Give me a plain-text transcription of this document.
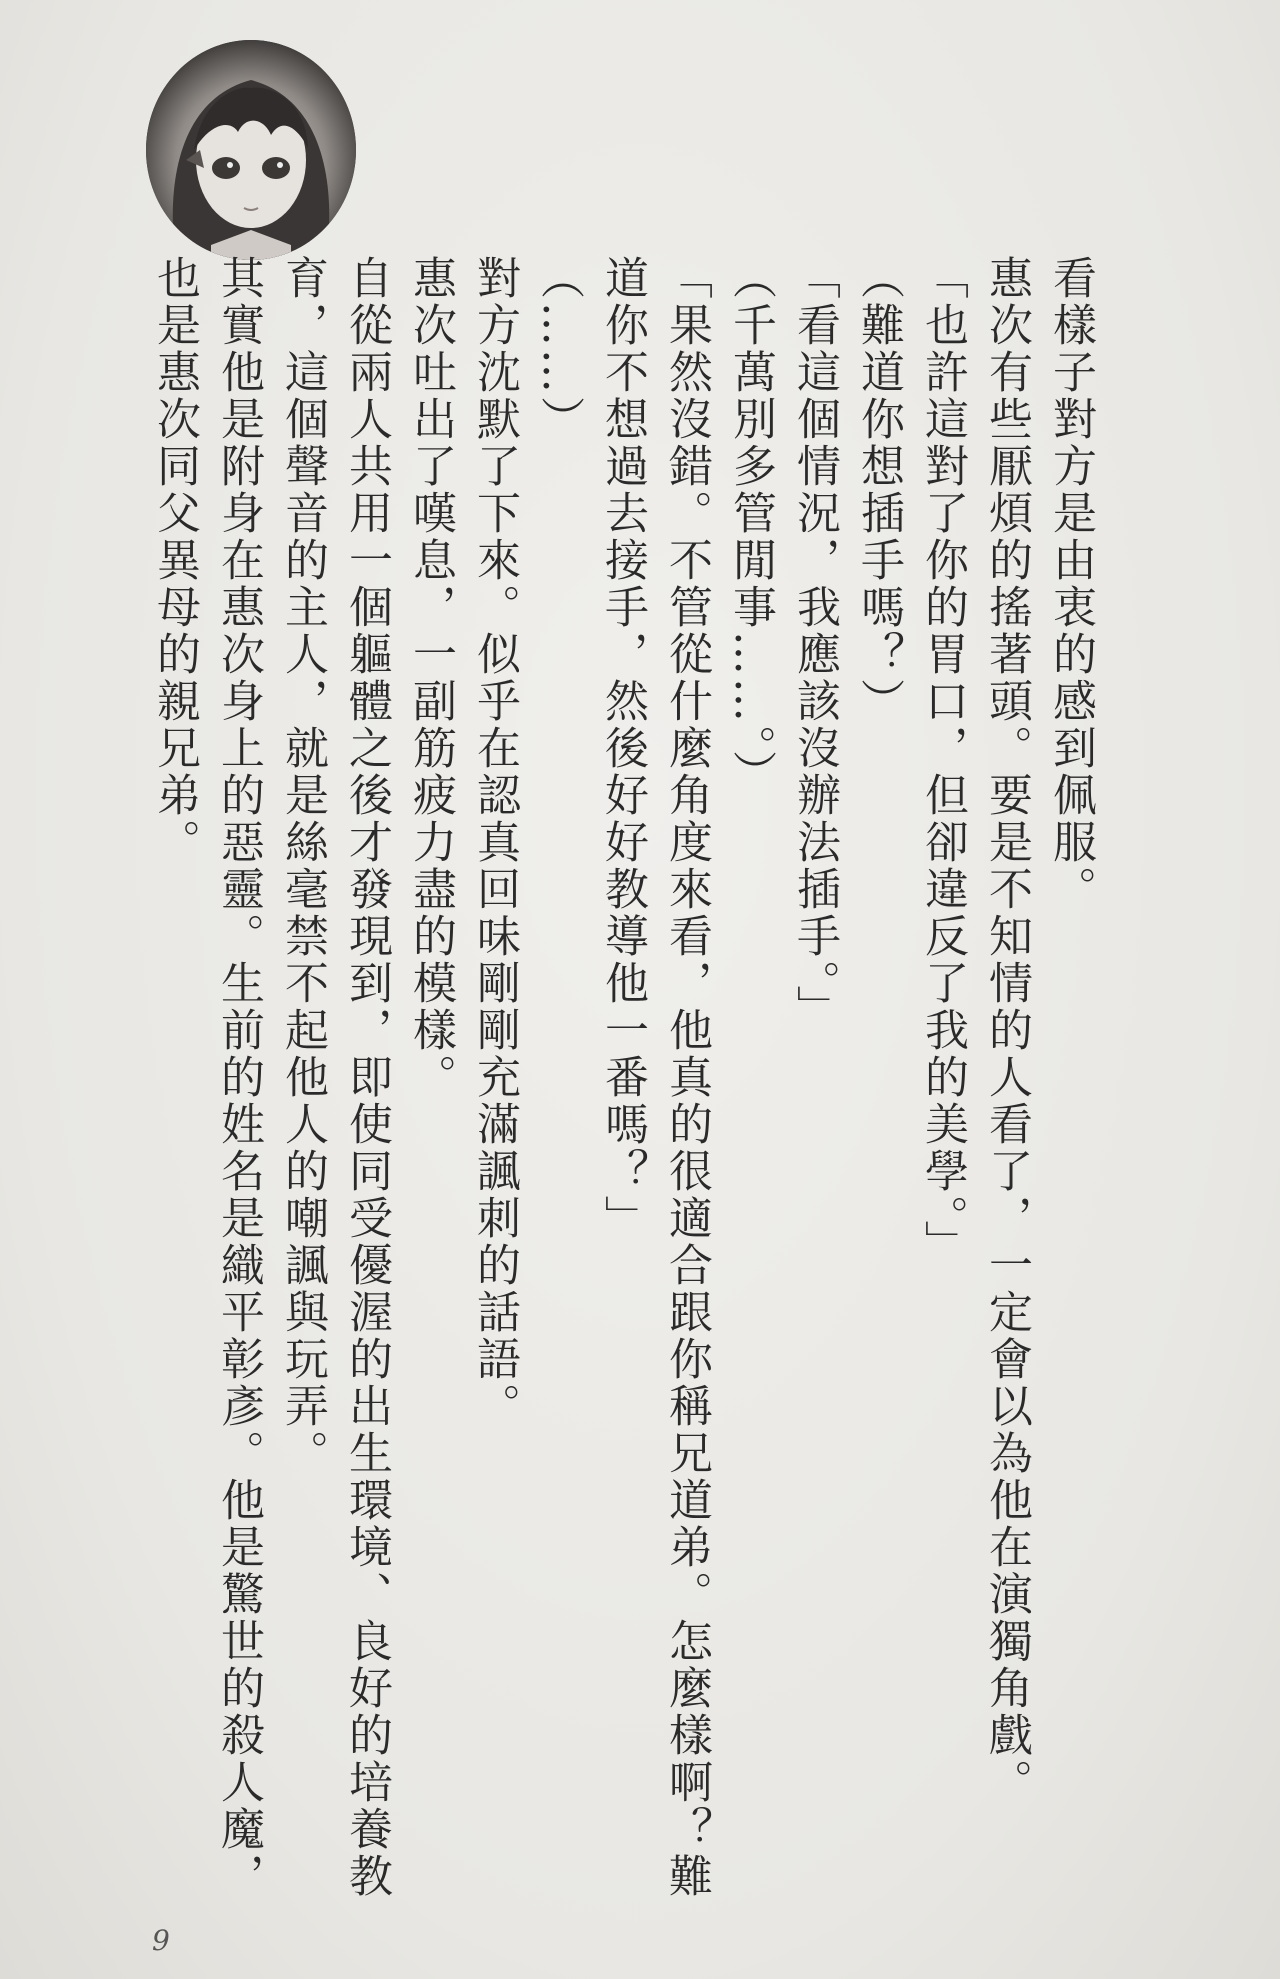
看樣子對方是由衷的感到佩服。

惠次有些厭煩的搖著頭。要是不知情的人看了，一定會以為他在演獨角戲。

「也許這對了你的胃口，但卻違反了我的美學。」

（難道你想插手嗎？）

「看這個情況，我應該沒辦法插手。」

（千萬別多管閒事……。）

「果然沒錯。不管從什麼角度來看，他真的很適合跟你稱兄道弟。怎麼樣啊？難

道你不想過去接手，然後好好教導他一番嗎？」

（……）

對方沈默了下來。似乎在認真回味剛剛充滿諷刺的話語。

惠次吐出了嘆息，一副筋疲力盡的模樣。

自從兩人共用一個軀體之後才發現到，即使同受優渥的出生環境、良好的培養教

育，這個聲音的主人，就是絲毫禁不起他人的嘲諷與玩弄。

其實他是附身在惠次身上的惡靈。生前的姓名是織平彰彥。他是驚世的殺人魔，

也是惠次同父異母的親兄弟。

9
